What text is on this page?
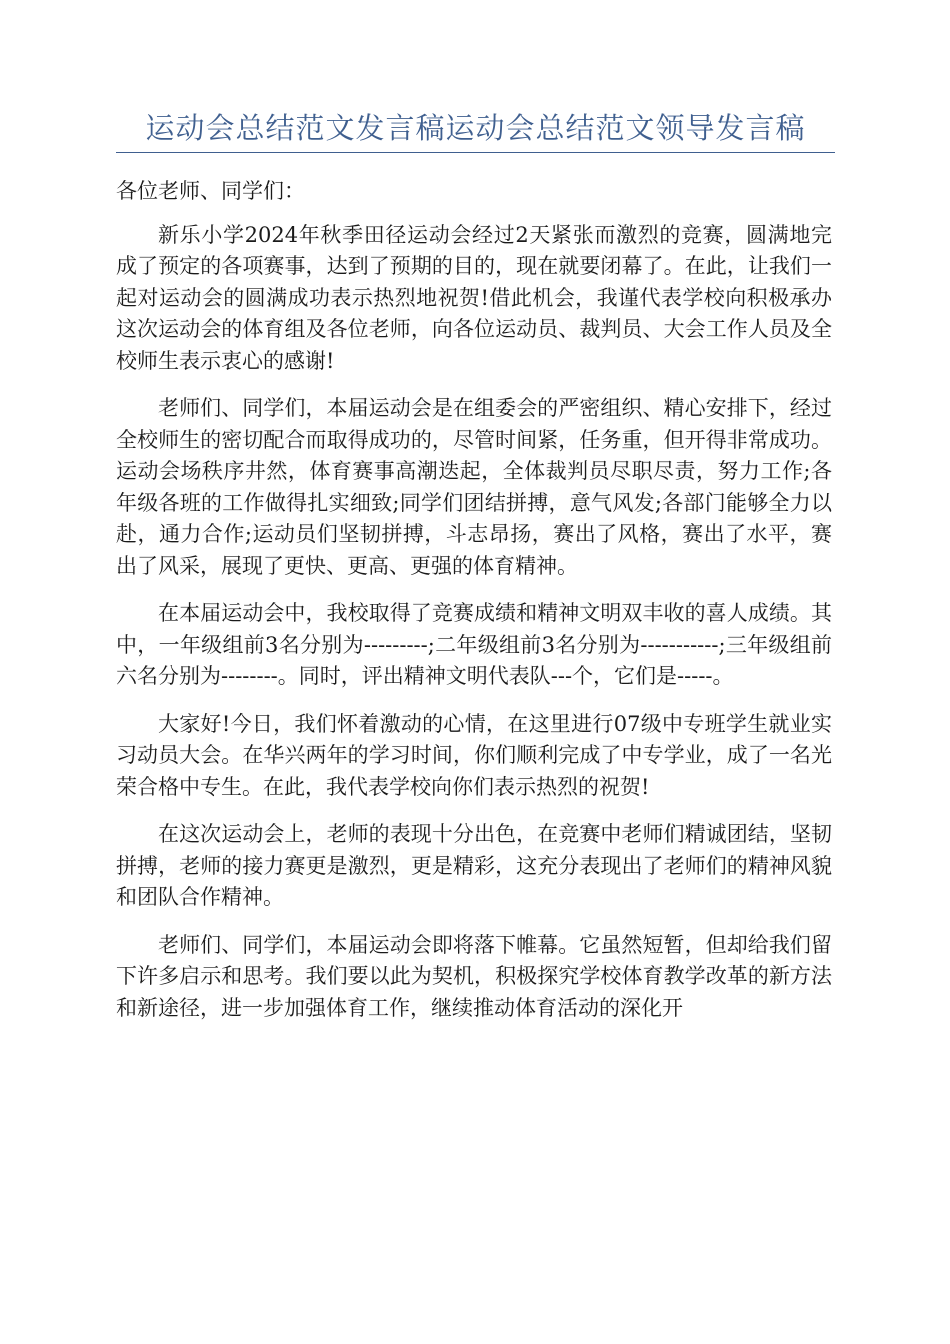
运动会总结范文发言稿运动会总结范文领导发言稿

各位老师、同学们：

新乐小学2024年秋季田径运动会经过2天紧张而激烈的竞赛，圆满地完成了预定的各项赛事，达到了预期的目的，现在就要闭幕了。在此，让我们一起对运动会的圆满成功表示热烈地祝贺!借此机会，我谨代表学校向积极承办这次运动会的体育组及各位老师，向各位运动员、裁判员、大会工作人员及全校师生表示衷心的感谢!

老师们、同学们，本届运动会是在组委会的严密组织、精心安排下，经过全校师生的密切配合而取得成功的，尽管时间紧，任务重，但开得非常成功。运动会场秩序井然，体育赛事高潮迭起，全体裁判员尽职尽责，努力工作;各年级各班的工作做得扎实细致;同学们团结拼搏，意气风发;各部门能够全力以赴，通力合作;运动员们坚韧拼搏，斗志昂扬，赛出了风格，赛出了水平，赛出了风采，展现了更快、更高、更强的体育精神。

在本届运动会中，我校取得了竞赛成绩和精神文明双丰收的喜人成绩。其中，一年级组前3名分别为---------;二年级组前3名分别为-----------;三年级组前六名分别为--------。同时，评出精神文明代表队---个，它们是-----。

大家好!今日，我们怀着激动的心情，在这里进行07级中专班学生就业实习动员大会。在华兴两年的学习时间，你们顺利完成了中专学业，成了一名光荣合格中专生。在此，我代表学校向你们表示热烈的祝贺!

在这次运动会上，老师的表现十分出色，在竞赛中老师们精诚团结，坚韧拼搏，老师的接力赛更是激烈，更是精彩，这充分表现出了老师们的精神风貌和团队合作精神。

老师们、同学们，本届运动会即将落下帷幕。它虽然短暂，但却给我们留下许多启示和思考。我们要以此为契机，积极探究学校体育教学改革的新方法和新途径，进一步加强体育工作，继续推动体育活动的深化开
